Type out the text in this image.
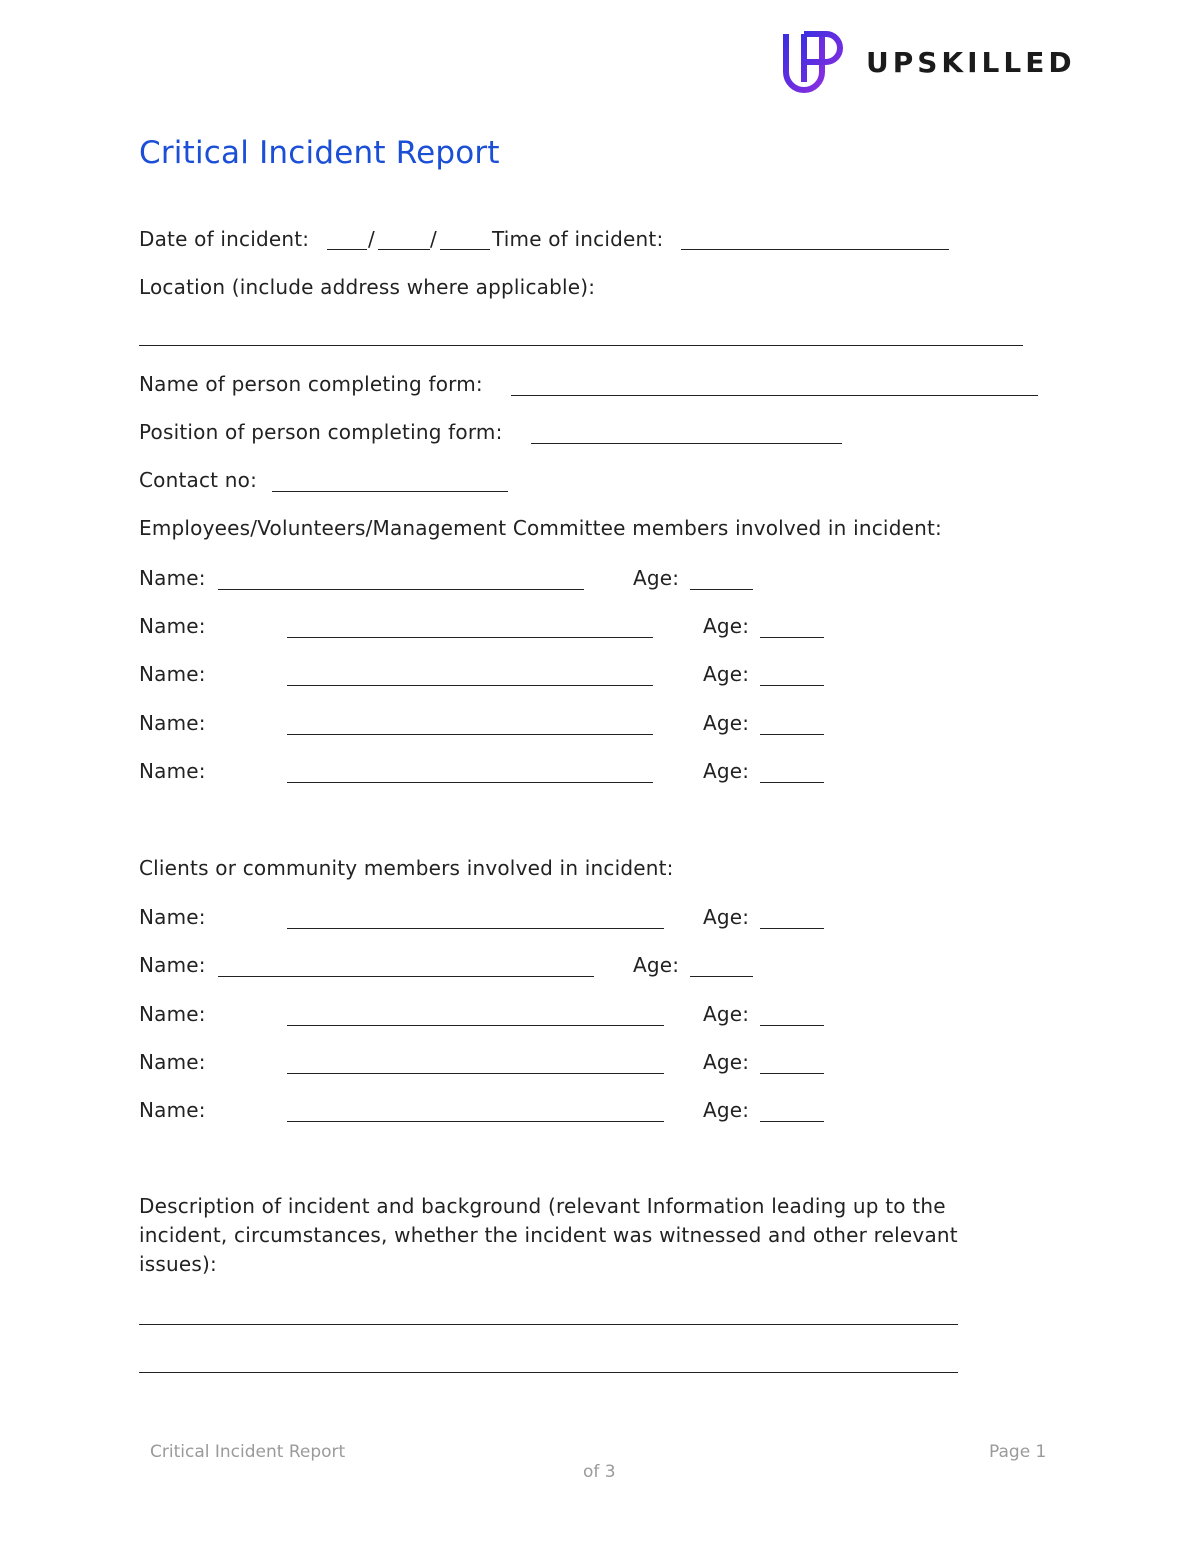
UPSKILLED
Critical Incident Report
Date of incident:	/	/	Time of incident:
Location (include address where applicable):
Name of person completing form:
Position of person completing form:
Contact no:
Employees/Volunteers/Management Committee members involved in incident:
Name:	Age:
Name:	Age:
Name:	Age:
Name:	Age:
Name:	Age:
Clients or community members involved in incident:
Name:	Age:
Name:	Age:
Name:	Age:
Name:	Age:
Name:	Age:
Description of incident and background (relevant Information leading up to the incident, circumstances, whether the incident was witnessed and other relevant issues):
Critical Incident Report	Page 1
of 3
